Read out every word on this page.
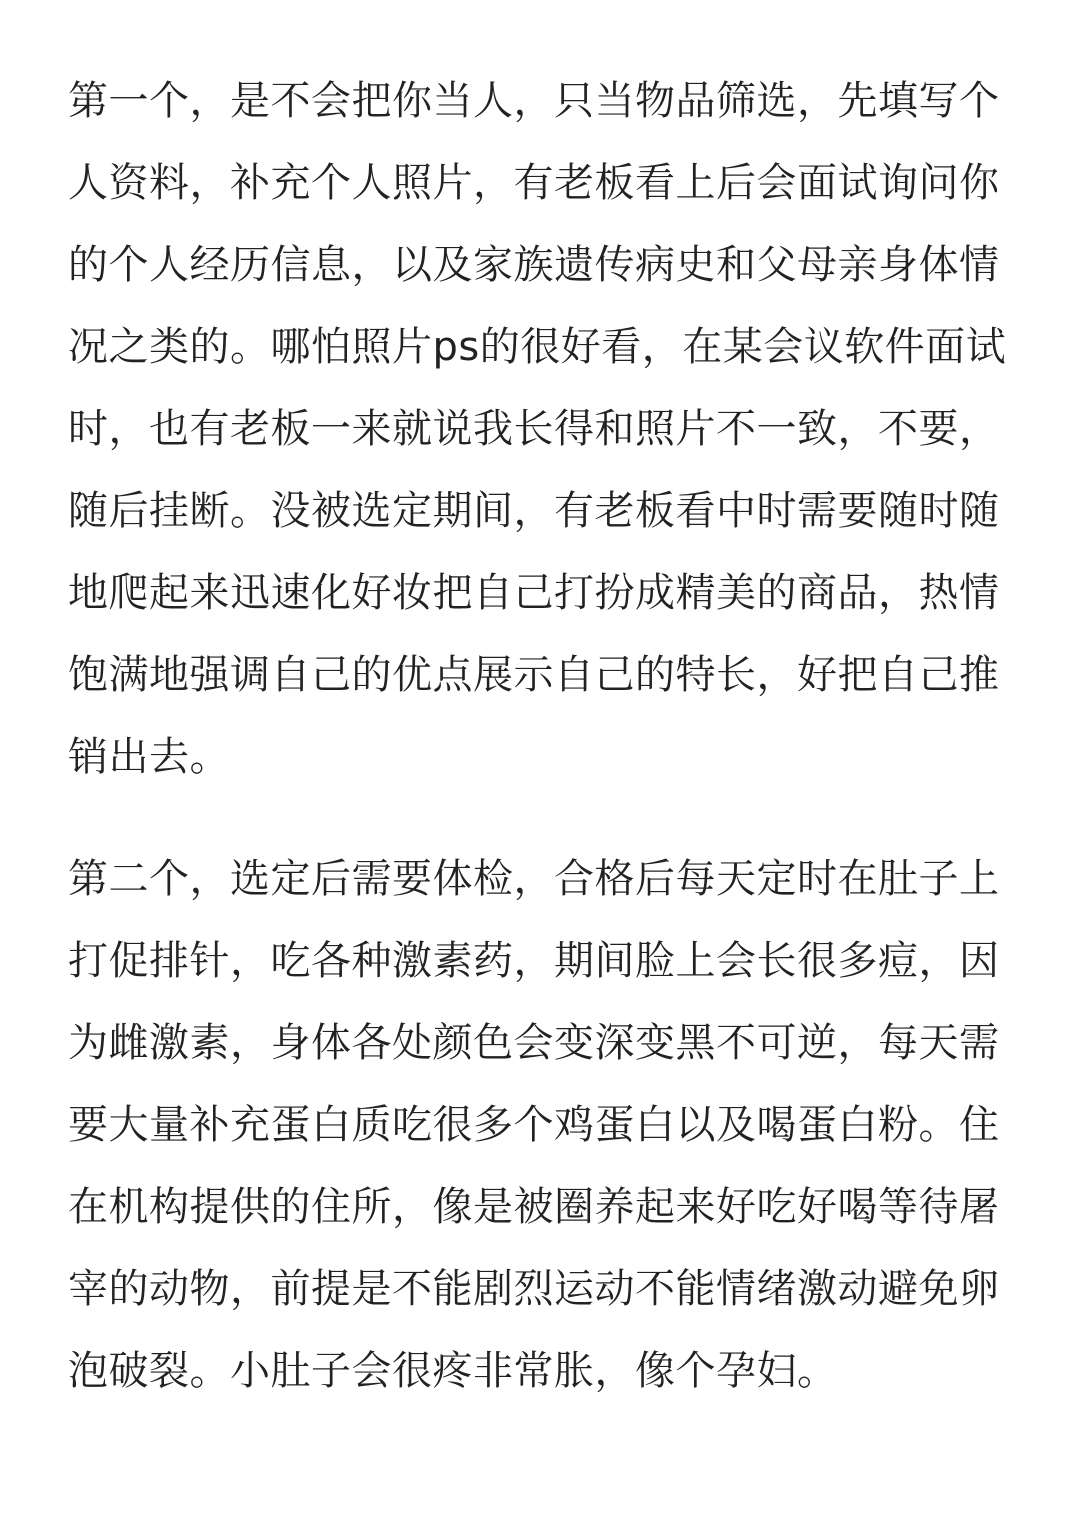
第一个，是不会把你当人，只当物品筛选，先填写个人资料，补充个人照片，有老板看上后会面试询问你的个人经历信息，以及家族遗传病史和父母亲身体情况之类的。哪怕照片ps的很好看，在某会议软件面试时，也有老板一来就说我长得和照片不一致，不要，随后挂断。没被选定期间，有老板看中时需要随时随地爬起来迅速化好妆把自己打扮成精美的商品，热情饱满地强调自己的优点展示自己的特长，好把自己推销出去。

第二个，选定后需要体检，合格后每天定时在肚子上打促排针，吃各种激素药，期间脸上会长很多痘，因为雌激素，身体各处颜色会变深变黑不可逆，每天需要大量补充蛋白质吃很多个鸡蛋白以及喝蛋白粉。住在机构提供的住所，像是被圈养起来好吃好喝等待屠宰的动物，前提是不能剧烈运动不能情绪激动避免卵泡破裂。小肚子会很疼非常胀，像个孕妇。
